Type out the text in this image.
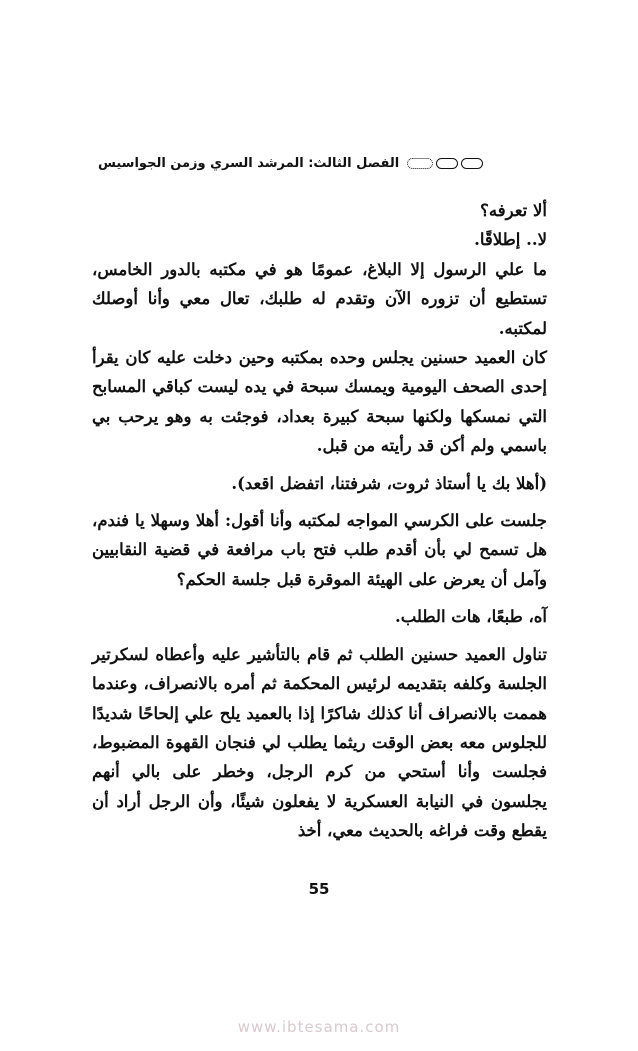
الفصل الثالث: المرشد السري وزمن الجواسيس

ألا تعرفه؟

لا.. إطلاقًا.

ما علي الرسول إلا البلاغ، عمومًا هو في مكتبه بالدور الخامس، تستطيع أن تزوره الآن وتقدم له طلبك، تعال معي وأنا أوصلك لمكتبه.

كان العميد حسنين يجلس وحده بمكتبه وحين دخلت عليه كان يقرأ إحدى الصحف اليومية ويمسك سبحة في يده ليست كباقي المسابح التي نمسكها ولكنها سبحة كبيرة بعداد، فوجئت به وهو يرحب بي باسمي ولم أكن قد رأيته من قبل.

(أهلا بك يا أستاذ ثروت، شرفتنا، اتفضل اقعد).

جلست على الكرسي المواجه لمكتبه وأنا أقول: أهلا وسهلا يا فندم، هل تسمح لي بأن أقدم طلب فتح باب مرافعة في قضية النقابيين وآمل أن يعرض على الهيئة الموقرة قبل جلسة الحكم؟

آه، طبعًا، هات الطلب.

تناول العميد حسنين الطلب ثم قام بالتأشير عليه وأعطاه لسكرتير الجلسة وكلفه بتقديمه لرئيس المحكمة ثم أمره بالانصراف، وعندما هممت بالانصراف أنا كذلك شاكرًا إذا بالعميد يلح علي إلحاحًا شديدًا للجلوس معه بعض الوقت ريثما يطلب لي فنجان القهوة المضبوط، فجلست وأنا أستحي من كرم الرجل، وخطر على بالي أنهم يجلسون في النيابة العسكرية لا يفعلون شيئًا، وأن الرجل أراد أن يقطع وقت فراغه بالحديث معي، أخذ

55
www.ibtesama.com
